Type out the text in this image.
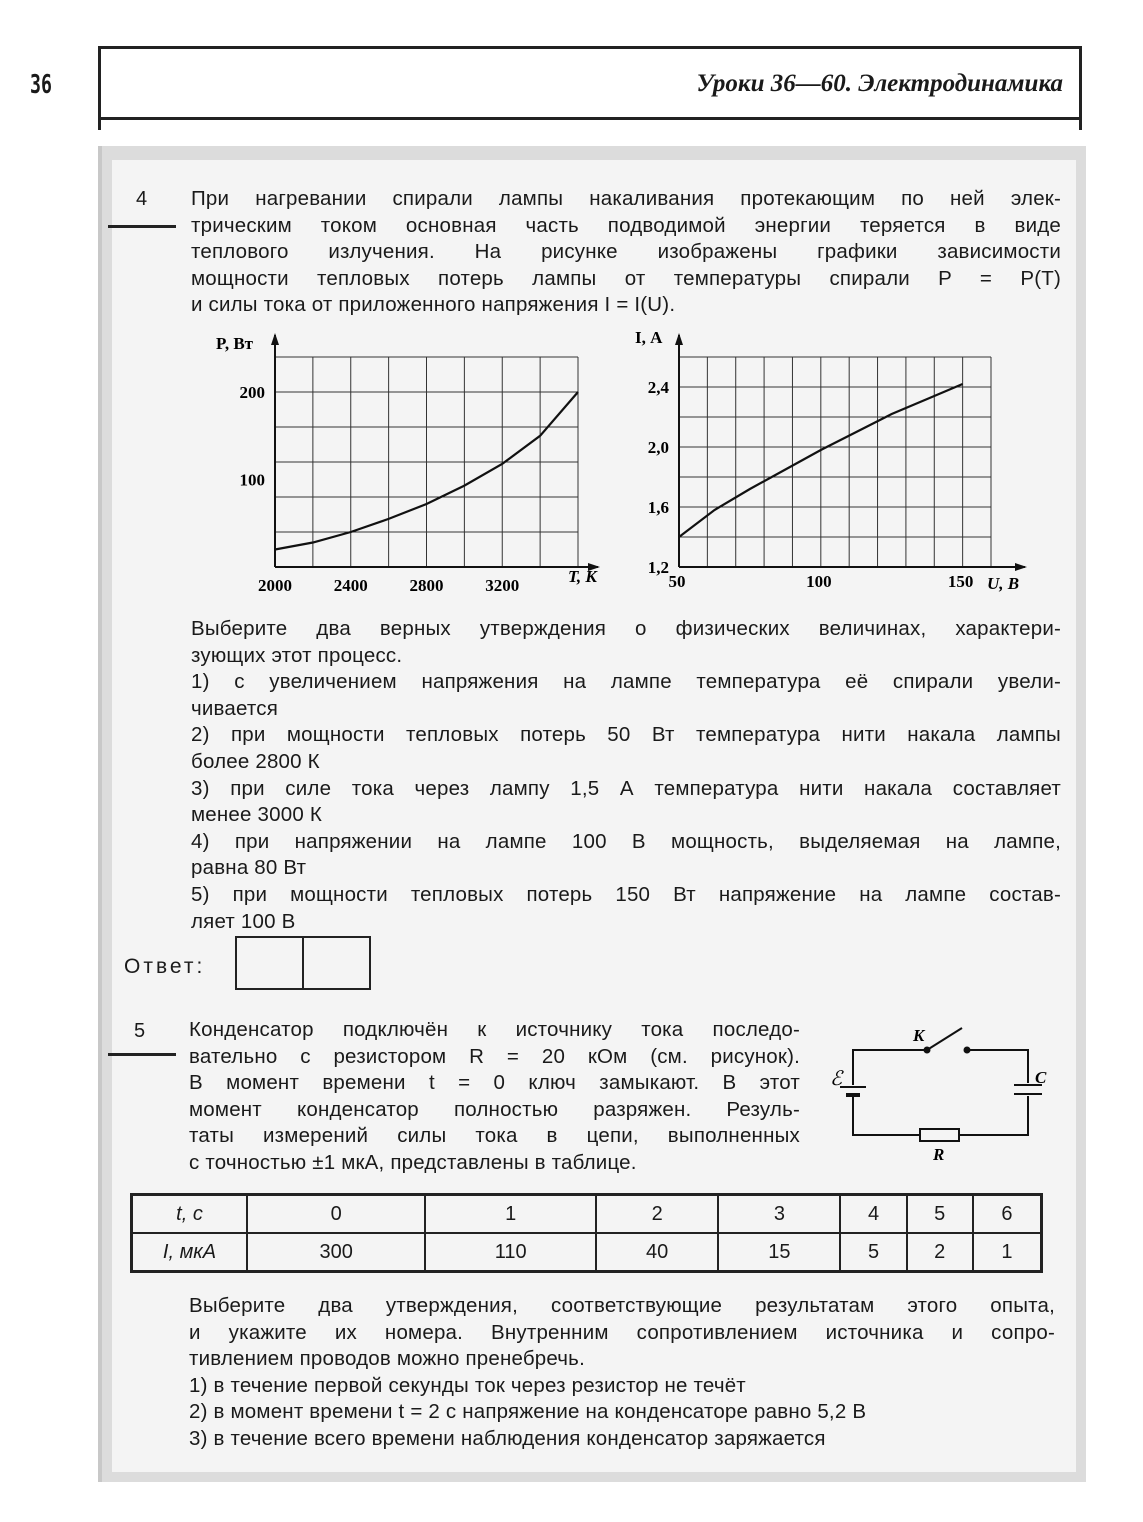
36	Уроки 36—60. Электродинамика
4 При нагревании спирали лампы накаливания протекающим по ней элек-
трическим током основная часть подводимой энергии теряется в виде
теплового излучения. На рисунке изображены графики зависимости
мощности тепловых потерь лампы от температуры спирали P = P(T)
и силы тока от приложенного напряжения I = I(U).
2000 2400 2800 3200
100
200
P, Вт
T, К	50	100	150
1,2
1,6
2,0
2,4
I, А
U, В
Выберите два верных утверждения о физических величинах, характери-
зующих этот процесс.
1) с увеличением напряжения на лампе температура её спирали увели-
чивается
2) при мощности тепловых потерь 50 Вт температура нити накала лампы
более 2800 К
3) при силе тока через лампу 1,5 А температура нити накала составляет
менее 3000 К
4) при напряжении на лампе 100 В мощность, выделяемая на лампе,
равна 80 Вт
5) при мощности тепловых потерь 150 Вт напряжение на лампе состав-
ляет 100 В
Ответ:
5 Конденсатор подключён к источнику тока последо-
вательно с резистором R = 20 кОм (см. рисунок).
В момент времени t = 0 ключ замыкают. В этот
момент конденсатор полностью разряжен. Резуль-
таты измерений силы тока в цепи, выполненных
с точностью ±1 мкА, представлены в таблице.
K
ℰ	C
R
t, с	0	1	2	3	4	5	6
I, мкА	300	110	40	15	5	2	1
Выберите два утверждения, соответствующие результатам этого опыта,
и укажите их номера. Внутренним сопротивлением источника и сопро-
тивлением проводов можно пренебречь.
1) в течение первой секунды ток через резистор не течёт
2) в момент времени t = 2 с напряжение на конденсаторе равно 5,2 В
3) в течение всего времени наблюдения конденсатор заряжается
